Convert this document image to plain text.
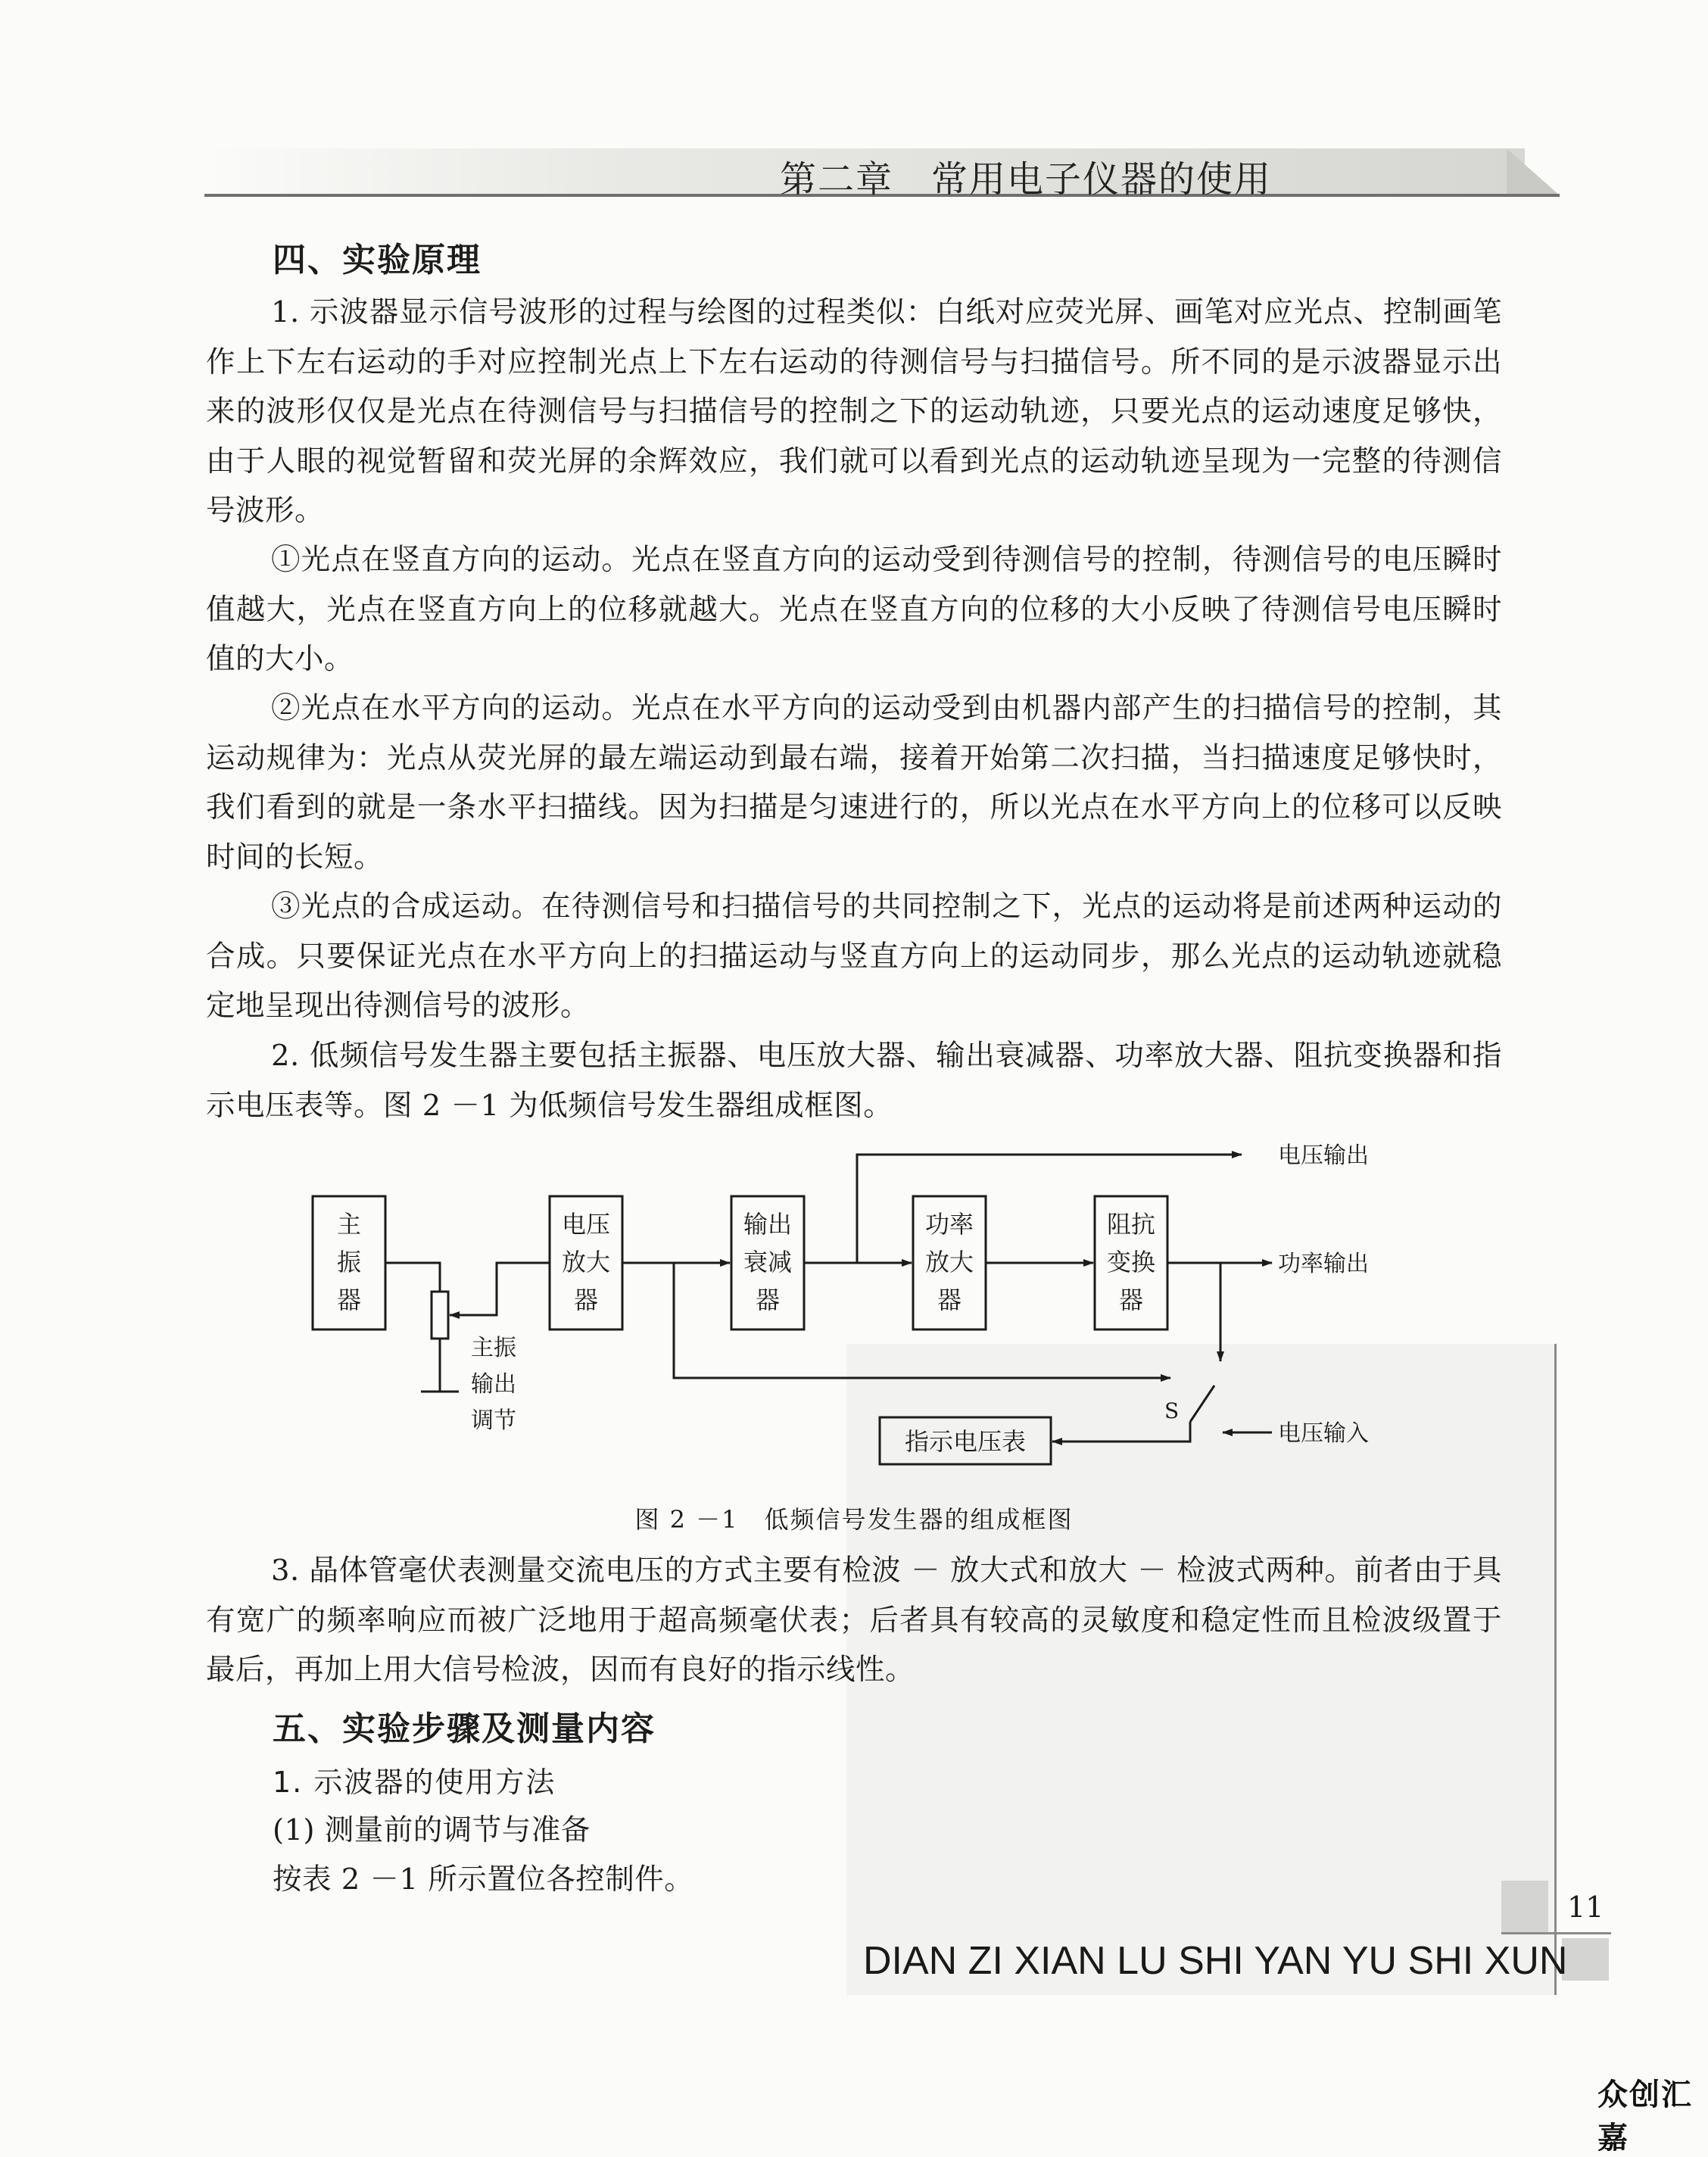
第二章　常用电子仪器的使用
四、实验原理
1. 示波器显示信号波形的过程与绘图的过程类似：白纸对应荧光屏、画笔对应光点、控制画笔作上下左右运动的手对应控制光点上下左右运动的待测信号与扫描信号。所不同的是示波器显示出来的波形仅仅是光点在待测信号与扫描信号的控制之下的运动轨迹，只要光点的运动速度足够快，由于人眼的视觉暂留和荧光屏的余辉效应，我们就可以看到光点的运动轨迹呈现为一完整的待测信号波形。
①光点在竖直方向的运动。光点在竖直方向的运动受到待测信号的控制，待测信号的电压瞬时值越大，光点在竖直方向上的位移就越大。光点在竖直方向的位移的大小反映了待测信号电压瞬时值的大小。
②光点在水平方向的运动。光点在水平方向的运动受到由机器内部产生的扫描信号的控制，其运动规律为：光点从荧光屏的最左端运动到最右端，接着开始第二次扫描，当扫描速度足够快时，我们看到的就是一条水平扫描线。因为扫描是匀速进行的，所以光点在水平方向上的位移可以反映时间的长短。
③光点的合成运动。在待测信号和扫描信号的共同控制之下，光点的运动将是前述两种运动的合成。只要保证光点在水平方向上的扫描运动与竖直方向上的运动同步，那么光点的运动轨迹就稳定地呈现出待测信号的波形。
2. 低频信号发生器主要包括主振器、电压放大器、输出衰减器、功率放大器、阻抗变换器和指示电压表等。图 2 －1 为低频信号发生器组成框图。
主
振
器
电压
放大
器
输出
衰减
器
功率
放大
器
阻抗
变换
器
指示电压表
主振
输出
调节
电压输出
功率输出
电压输入
S
图 2 －1　低频信号发生器的组成框图
3. 晶体管毫伏表测量交流电压的方式主要有检波 － 放大式和放大 － 检波式两种。前者由于具有宽广的频率响应而被广泛地用于超高频毫伏表；后者具有较高的灵敏度和稳定性而且检波级置于最后，再加上用大信号检波，因而有良好的指示线性。
五、实验步骤及测量内容
1. 示波器的使用方法
(1) 测量前的调节与准备
按表 2 －1 所示置位各控制件。
11
DIAN ZI XIAN LU SHI YAN YU SHI XUN
众创汇嘉
